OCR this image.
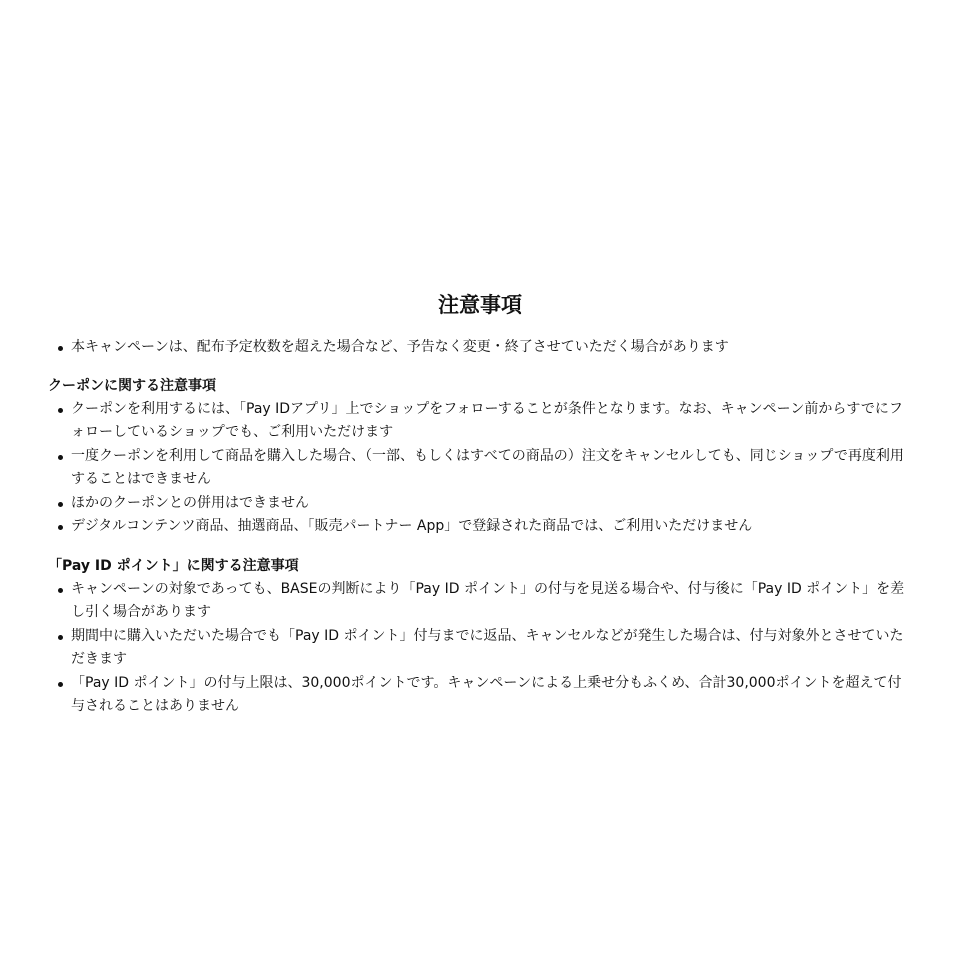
注意事項
本キャンペーンは、配布予定枚数を超えた場合など、予告なく変更・終了させていただく場合があります
クーポンに関する注意事項
クーポンを利用するには、「Pay IDアプリ」上でショップをフォローすることが条件となります。なお、キャンペーン前からすでにフォローしているショップでも、ご利用いただけます
一度クーポンを利用して商品を購入した場合、（一部、もしくはすべての商品の）注文をキャンセルしても、同じショップで再度利用することはできません
ほかのクーポンとの併用はできません
デジタルコンテンツ商品、抽選商品、「販売パートナー App」で登録された商品では、ご利用いただけません
「Pay ID ポイント」に関する注意事項
キャンペーンの対象であっても、BASEの判断により「Pay ID ポイント」の付与を見送る場合や、付与後に「Pay ID ポイント」を差し引く場合があります
期間中に購入いただいた場合でも「Pay ID ポイント」付与までに返品、キャンセルなどが発生した場合は、付与対象外とさせていただきます
「Pay ID ポイント」の付与上限は、30,000ポイントです。キャンペーンによる上乗せ分もふくめ、合計30,000ポイントを超えて付与されることはありません
